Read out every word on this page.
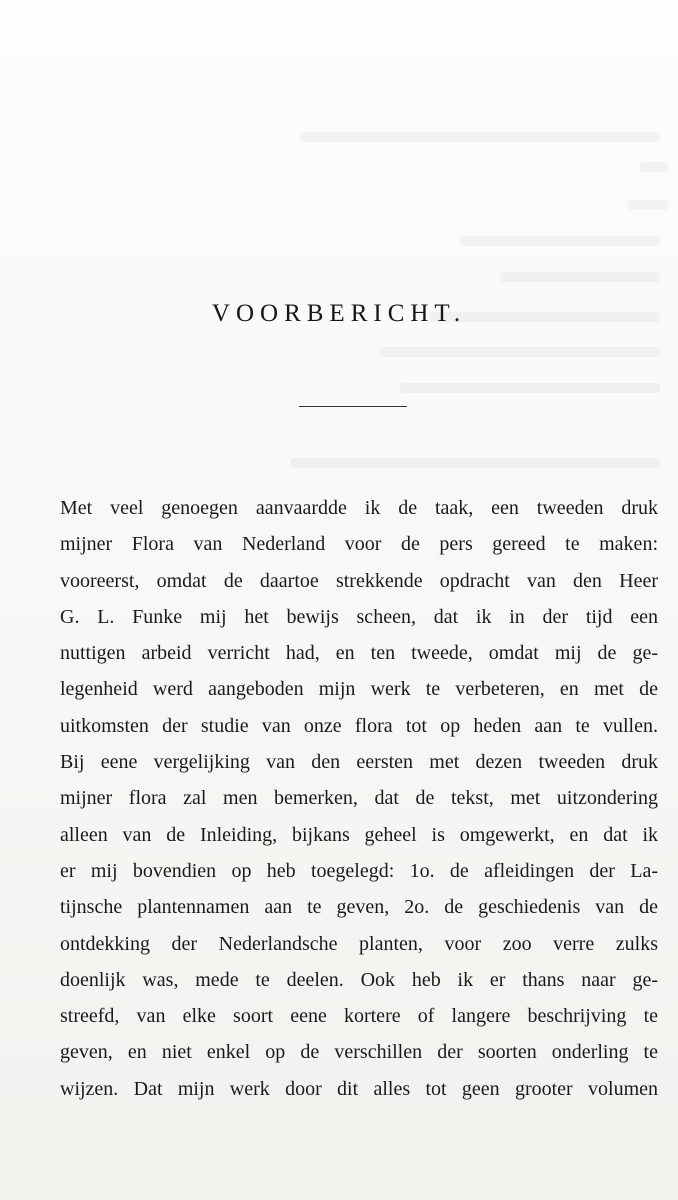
VOORBERICHT.
Met veel genoegen aanvaardde ik de taak, een tweeden druk
mijner Flora van Nederland voor de pers gereed te maken:
vooreerst, omdat de daartoe strekkende opdracht van den Heer
G. L. Funke mij het bewijs scheen, dat ik in der tijd een
nuttigen arbeid verricht had, en ten tweede, omdat mij de ge-
legenheid werd aangeboden mijn werk te verbeteren, en met de
uitkomsten der studie van onze flora tot op heden aan te vullen.
Bij eene vergelijking van den eersten met dezen tweeden druk
mijner flora zal men bemerken, dat de tekst, met uitzondering
alleen van de Inleiding, bijkans geheel is omgewerkt, en dat ik
er mij bovendien op heb toegelegd: 1o. de afleidingen der La-
tijnsche plantennamen aan te geven, 2o. de geschiedenis van de
ontdekking der Nederlandsche planten, voor zoo verre zulks
doenlijk was, mede te deelen. Ook heb ik er thans naar ge-
streefd, van elke soort eene kortere of langere beschrijving te
geven, en niet enkel op de verschillen der soorten onderling te
wijzen. Dat mijn werk door dit alles tot geen grooter volumen
